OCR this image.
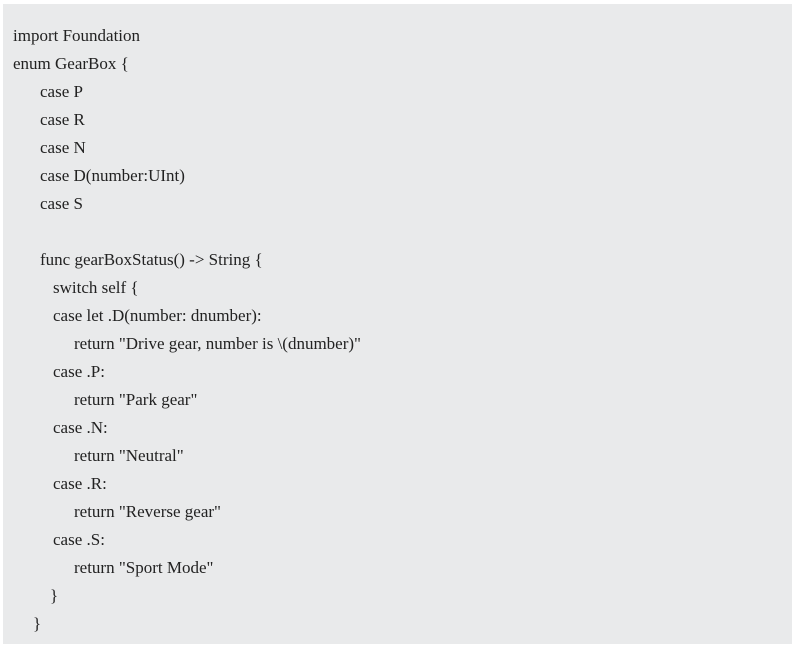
import Foundation
enum GearBox {
case P
case R
case N
case D(number:UInt)
case S
func gearBoxStatus() -> String {
switch self {
case let .D(number: dnumber):
return "Drive gear, number is \(dnumber)"
case .P:
return "Park gear"
case .N:
return "Neutral"
case .R:
return "Reverse gear"
case .S:
return "Sport Mode"
}
}
